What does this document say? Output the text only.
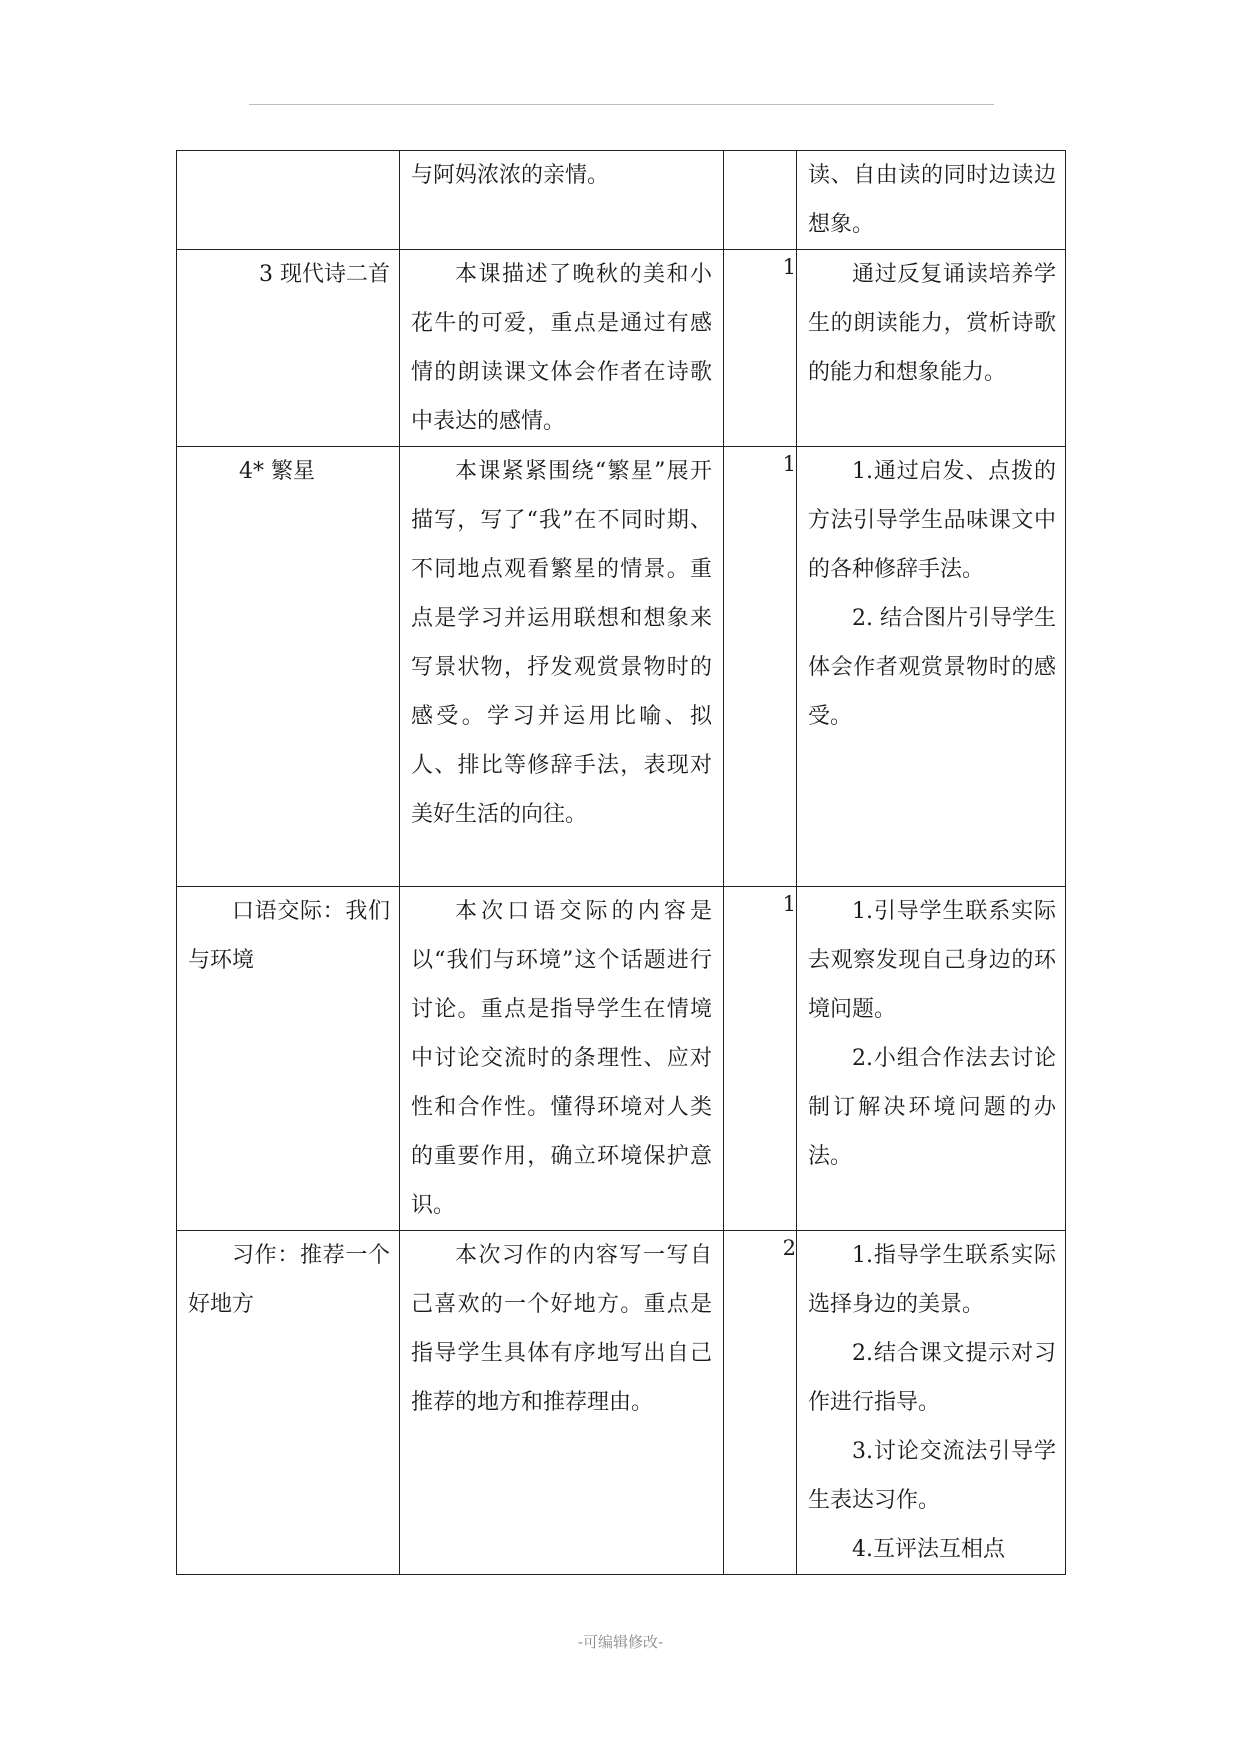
	与阿妈浓浓的亲情。		读、自由读的同时边读边想象。

3 现代诗二首	本课描述了晚秋的美和小花牛的可爱，重点是通过有感情的朗读课文体会作者在诗歌中表达的感情。	1	通过反复诵读培养学生的朗读能力，赏析诗歌的能力和想象能力。

4* 繁星	本课紧紧围绕“繁星”展开描写，写了“我”在不同时期、不同地点观看繁星的情景。重点是学习并运用联想和想象来写景状物，抒发观赏景物时的感受。学习并运用比喻、拟人、排比等修辞手法，表现对美好生活的向往。	1	1.通过启发、点拨的方法引导学生品味课文中的各种修辞手法。

2. 结合图片引导学生体会作者观赏景物时的感受。

口语交际：我们与环境	本次口语交际的内容是以“我们与环境”这个话题进行讨论。重点是指导学生在情境中讨论交流时的条理性、应对性和合作性。懂得环境对人类的重要作用，确立环境保护意识。	1	1.引导学生联系实际去观察发现自己身边的环境问题。

2.小组合作法去讨论制订解决环境问题的办法。

习作：推荐一个好地方	本次习作的内容写一写自己喜欢的一个好地方。重点是指导学生具体有序地写出自己推荐的地方和推荐理由。	2	1.指导学生联系实际选择身边的美景。

2.结合课文提示对习作进行指导。

3.讨论交流法引导学生表达习作。

4.互评法互相点

-可编辑修改-
